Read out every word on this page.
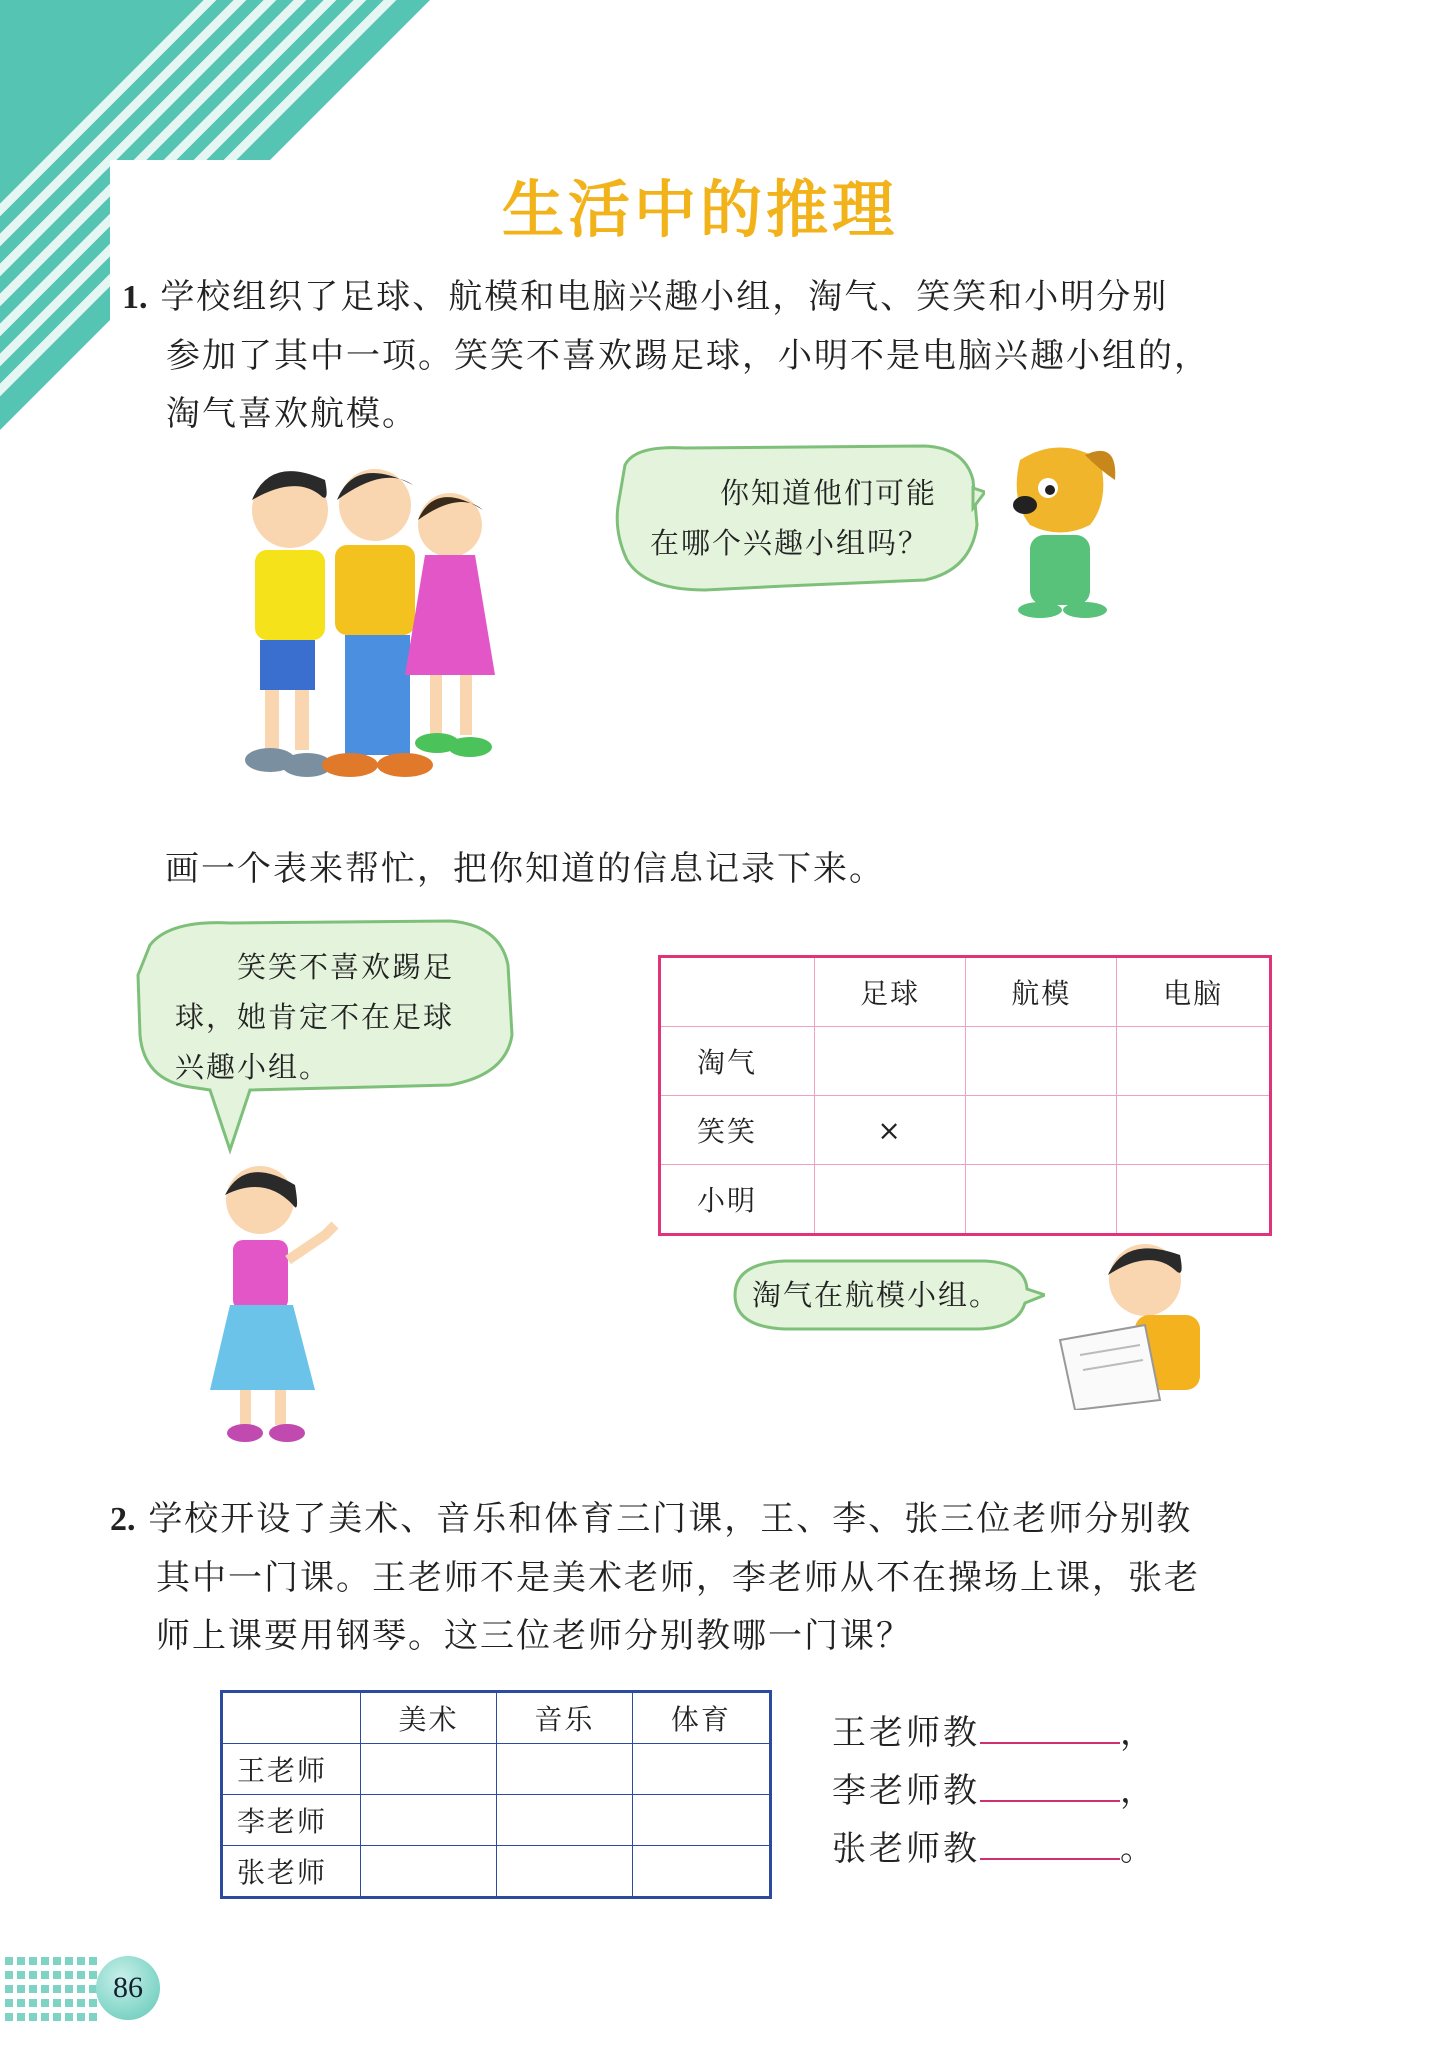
生活中的推理
1. 学校组织了足球、航模和电脑兴趣小组，淘气、笑笑和小明分别
参加了其中一项。笑笑不喜欢踢足球，小明不是电脑兴趣小组的，
淘气喜欢航模。
你知道他们可能
在哪个兴趣小组吗？
画一个表来帮忙，把你知道的信息记录下来。
笑笑不喜欢踢足
球，她肯定不在足球
兴趣小组。
	足球	航模	电脑
淘气			
笑笑	×		
小明			
淘气在航模小组。
2. 学校开设了美术、音乐和体育三门课，王、李、张三位老师分别教
其中一门课。王老师不是美术老师，李老师从不在操场上课，张老
师上课要用钢琴。这三位老师分别教哪一门课？
	美术	音乐	体育
王老师			
李老师			
张老师			
王老师教	，
李老师教	，
张老师教	。
86
